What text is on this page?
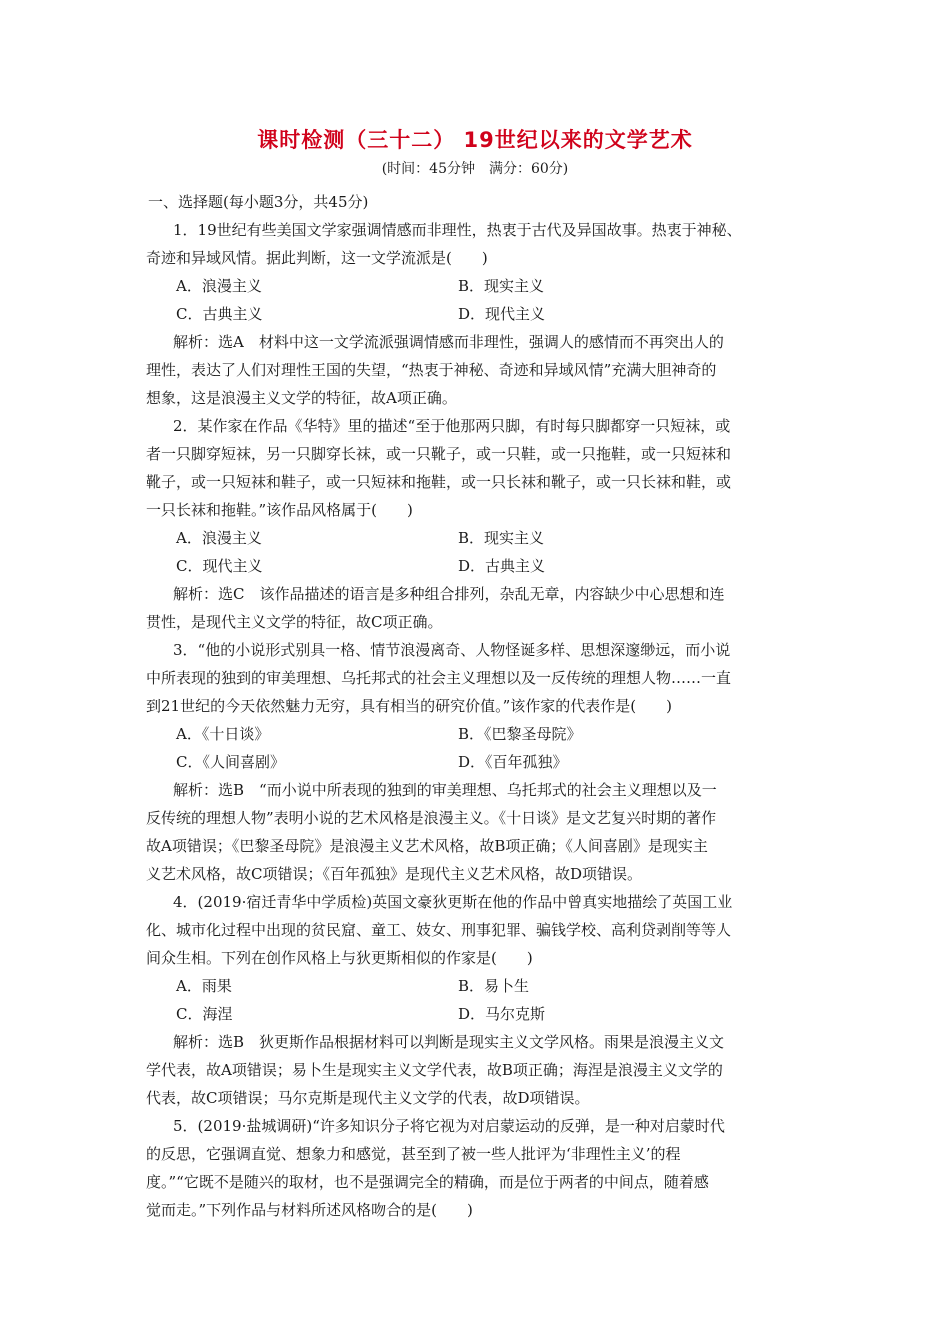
课时检测（三十二） 19世纪以来的文学艺术
(时间：45分钟　满分：60分)
一、选择题(每小题3分，共45分)
1．19世纪有些美国文学家强调情感而非理性，热衷于古代及异国故事。热衷于神秘、
奇迹和异域风情。据此判断，这一文学流派是(　　)
A．浪漫主义	B．现实主义
C．古典主义	D．现代主义
解析：选A　材料中这一文学流派强调情感而非理性，强调人的感情而不再突出人的
理性，表达了人们对理性王国的失望，“热衷于神秘、奇迹和异域风情”充满大胆神奇的
想象，这是浪漫主义文学的特征，故A项正确。
2．某作家在作品《华特》里的描述“至于他那两只脚，有时每只脚都穿一只短袜，或
者一只脚穿短袜，另一只脚穿长袜，或一只靴子，或一只鞋，或一只拖鞋，或一只短袜和
靴子，或一只短袜和鞋子，或一只短袜和拖鞋，或一只长袜和靴子，或一只长袜和鞋，或
一只长袜和拖鞋。”该作品风格属于(　　)
A．浪漫主义	B．现实主义
C．现代主义	D．古典主义
解析：选C　该作品描述的语言是多种组合排列，杂乱无章，内容缺少中心思想和连
贯性，是现代主义文学的特征，故C项正确。
3．“他的小说形式别具一格、情节浪漫离奇、人物怪诞多样、思想深邃缈远，而小说
中所表现的独到的审美理想、乌托邦式的社会主义理想以及一反传统的理想人物……一直
到21世纪的今天依然魅力无穷，具有相当的研究价值。”该作家的代表作是(　　)
A．《十日谈》	B．《巴黎圣母院》
C．《人间喜剧》	D．《百年孤独》
解析：选B　“而小说中所表现的独到的审美理想、乌托邦式的社会主义理想以及一
反传统的理想人物”表明小说的艺术风格是浪漫主义。《十日谈》是文艺复兴时期的著作
故A项错误；《巴黎圣母院》是浪漫主义艺术风格，故B项正确；《人间喜剧》是现实主
义艺术风格，故C项错误；《百年孤独》是现代主义艺术风格，故D项错误。
4．(2019·宿迁青华中学质检)英国文豪狄更斯在他的作品中曾真实地描绘了英国工业
化、城市化过程中出现的贫民窟、童工、妓女、刑事犯罪、骗钱学校、高利贷剥削等等人
间众生相。下列在创作风格上与狄更斯相似的作家是(　　)
A．雨果	B．易卜生
C．海涅	D．马尔克斯
解析：选B　狄更斯作品根据材料可以判断是现实主义文学风格。雨果是浪漫主义文
学代表，故A项错误；易卜生是现实主义文学代表，故B项正确；海涅是浪漫主义文学的
代表，故C项错误；马尔克斯是现代主义文学的代表，故D项错误。
5．(2019·盐城调研)“许多知识分子将它视为对启蒙运动的反弹，是一种对启蒙时代
的反思，它强调直觉、想象力和感觉，甚至到了被一些人批评为‘非理性主义’的程
度。”“它既不是随兴的取材，也不是强调完全的精确，而是位于两者的中间点，随着感
觉而走。”下列作品与材料所述风格吻合的是(　　)
